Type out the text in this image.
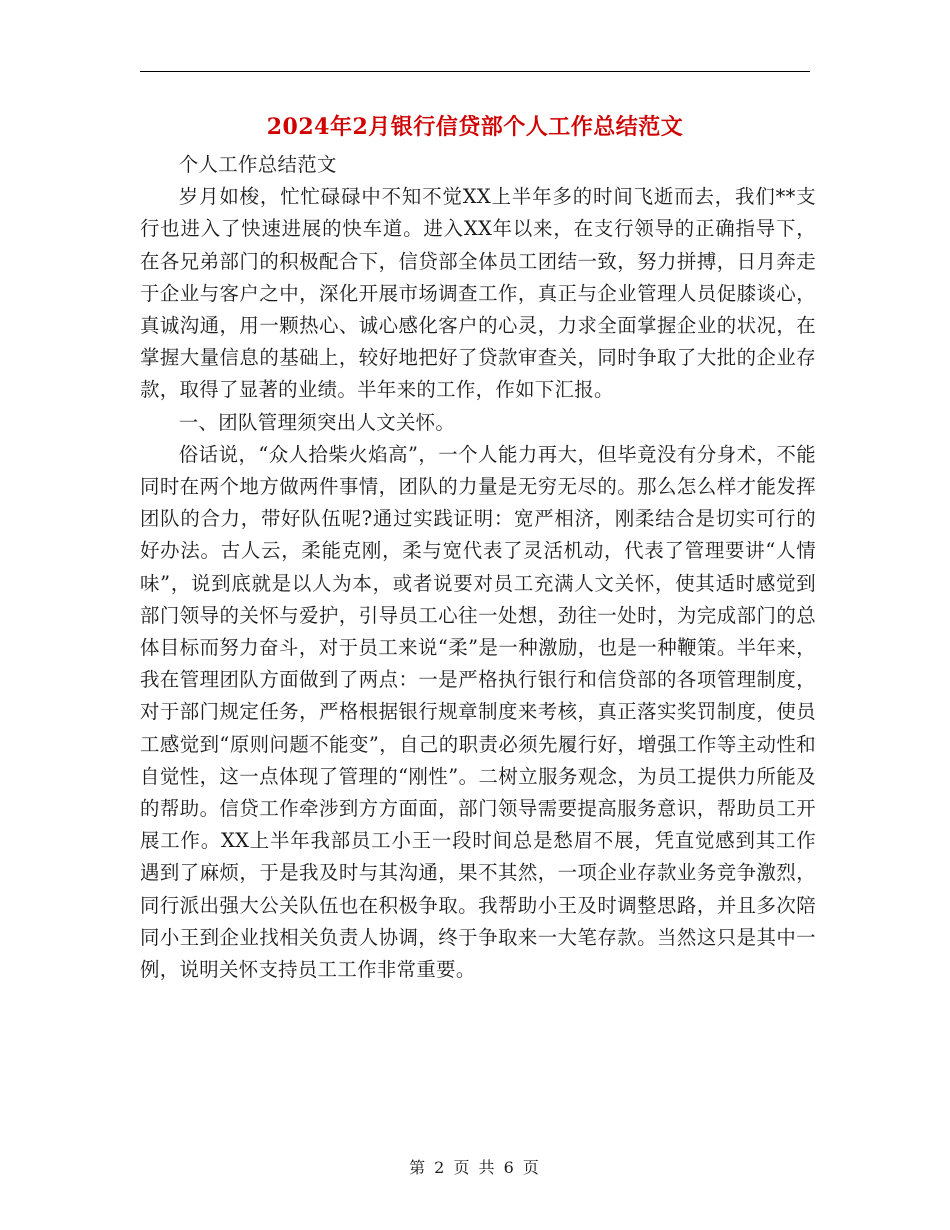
2024年2月银行信贷部个人工作总结范文

个人工作总结范文

岁月如梭，忙忙碌碌中不知不觉XX上半年多的时间飞逝而去，我们**支行也进入了快速进展的快车道。进入XX年以来，在支行领导的正确指导下，在各兄弟部门的积极配合下，信贷部全体员工团结一致，努力拼搏，日月奔走于企业与客户之中，深化开展市场调查工作，真正与企业管理人员促膝谈心，真诚沟通，用一颗热心、诚心感化客户的心灵，力求全面掌握企业的状况，在掌握大量信息的基础上，较好地把好了贷款审查关，同时争取了大批的企业存款，取得了显著的业绩。半年来的工作，作如下汇报。

一、团队管理须突出人文关怀。

俗话说，“众人拾柴火焰高”，一个人能力再大，但毕竟没有分身术，不能同时在两个地方做两件事情，团队的力量是无穷无尽的。那么怎么样才能发挥团队的合力，带好队伍呢?通过实践证明：宽严相济，刚柔结合是切实可行的好办法。古人云，柔能克刚，柔与宽代表了灵活机动，代表了管理要讲“人情味”，说到底就是以人为本，或者说要对员工充满人文关怀，使其适时感觉到部门领导的关怀与爱护，引导员工心往一处想，劲往一处时，为完成部门的总体目标而努力奋斗，对于员工来说“柔”是一种激励，也是一种鞭策。半年来，我在管理团队方面做到了两点：一是严格执行银行和信贷部的各项管理制度，对于部门规定任务，严格根据银行规章制度来考核，真正落实奖罚制度，使员工感觉到“原则问题不能变”，自己的职责必须先履行好，增强工作等主动性和自觉性，这一点体现了管理的“刚性”。二树立服务观念，为员工提供力所能及的帮助。信贷工作牵涉到方方面面，部门领导需要提高服务意识，帮助员工开展工作。XX上半年我部员工小王一段时间总是愁眉不展，凭直觉感到其工作遇到了麻烦，于是我及时与其沟通，果不其然，一项企业存款业务竞争激烈，同行派出强大公关队伍也在积极争取。我帮助小王及时调整思路，并且多次陪同小王到企业找相关负责人协调，终于争取来一大笔存款。当然这只是其中一例，说明关怀支持员工工作非常重要。

第 2 页 共 6 页
